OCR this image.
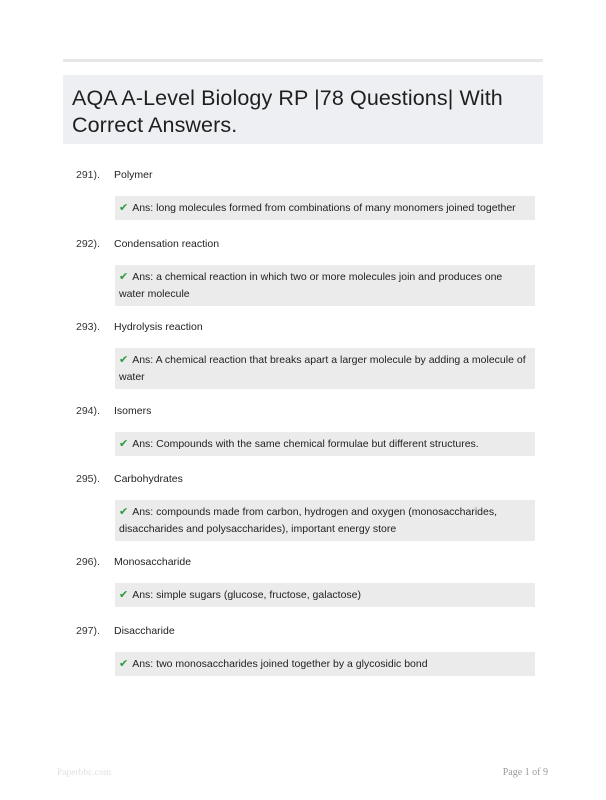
AQA A-Level Biology RP |78 Questions| With Correct Answers.
291). Polymer
✔ Ans: long molecules formed from combinations of many monomers joined together
292). Condensation reaction
✔ Ans: a chemical reaction in which two or more molecules join and produces one water molecule
293). Hydrolysis reaction
✔ Ans: A chemical reaction that breaks apart a larger molecule by adding a molecule of water
294). Isomers
✔ Ans: Compounds with the same chemical formulae but different structures.
295). Carbohydrates
✔ Ans: compounds made from carbon, hydrogen and oxygen (monosaccharides, disaccharides and polysaccharides), important energy store
296). Monosaccharide
✔ Ans: simple sugars (glucose, fructose, galactose)
297). Disaccharide
✔ Ans: two monosaccharides joined together by a glycosidic bond
Paperbbc.com	Page 1 of 9
